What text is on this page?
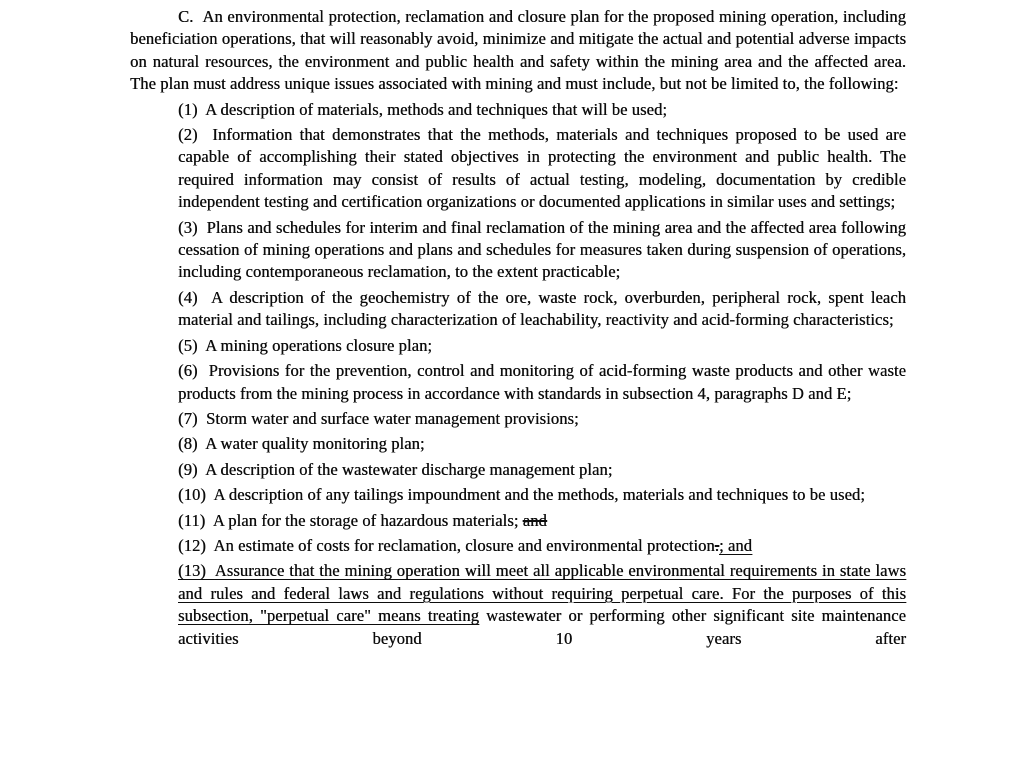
C. An environmental protection, reclamation and closure plan for the proposed mining operation, including beneficiation operations, that will reasonably avoid, minimize and mitigate the actual and potential adverse impacts on natural resources, the environment and public health and safety within the mining area and the affected area. The plan must address unique issues associated with mining and must include, but not be limited to, the following:

(1) A description of materials, methods and techniques that will be used;

(2) Information that demonstrates that the methods, materials and techniques proposed to be used are capable of accomplishing their stated objectives in protecting the environment and public health. The required information may consist of results of actual testing, modeling, documentation by credible independent testing and certification organizations or documented applications in similar uses and settings;

(3) Plans and schedules for interim and final reclamation of the mining area and the affected area following cessation of mining operations and plans and schedules for measures taken during suspension of operations, including contemporaneous reclamation, to the extent practicable;

(4) A description of the geochemistry of the ore, waste rock, overburden, peripheral rock, spent leach material and tailings, including characterization of leachability, reactivity and acid-forming characteristics;

(5) A mining operations closure plan;

(6) Provisions for the prevention, control and monitoring of acid-forming waste products and other waste products from the mining process in accordance with standards in subsection 4, paragraphs D and E;

(7) Storm water and surface water management provisions;

(8) A water quality monitoring plan;

(9) A description of the wastewater discharge management plan;

(10) A description of any tailings impoundment and the methods, materials and techniques to be used;

(11) A plan for the storage of hazardous materials; and

(12) An estimate of costs for reclamation, closure and environmental protection.; and

(13) Assurance that the mining operation will meet all applicable environmental requirements in state laws and rules and federal laws and regulations without requiring perpetual care. For the purposes of this subsection, "perpetual care" means treating wastewater or performing other significant site maintenance activities beyond 10 years after
